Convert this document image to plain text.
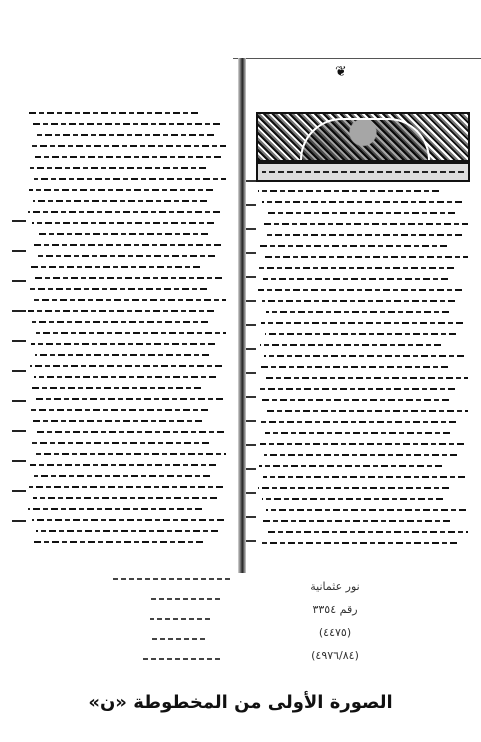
❦
نور عثمانية
رقم ٣٣٥٤
(٤٤٧٥)
(٤٩٧٦/٨٤)
الصورة الأولى من المخطوطة «ن»
